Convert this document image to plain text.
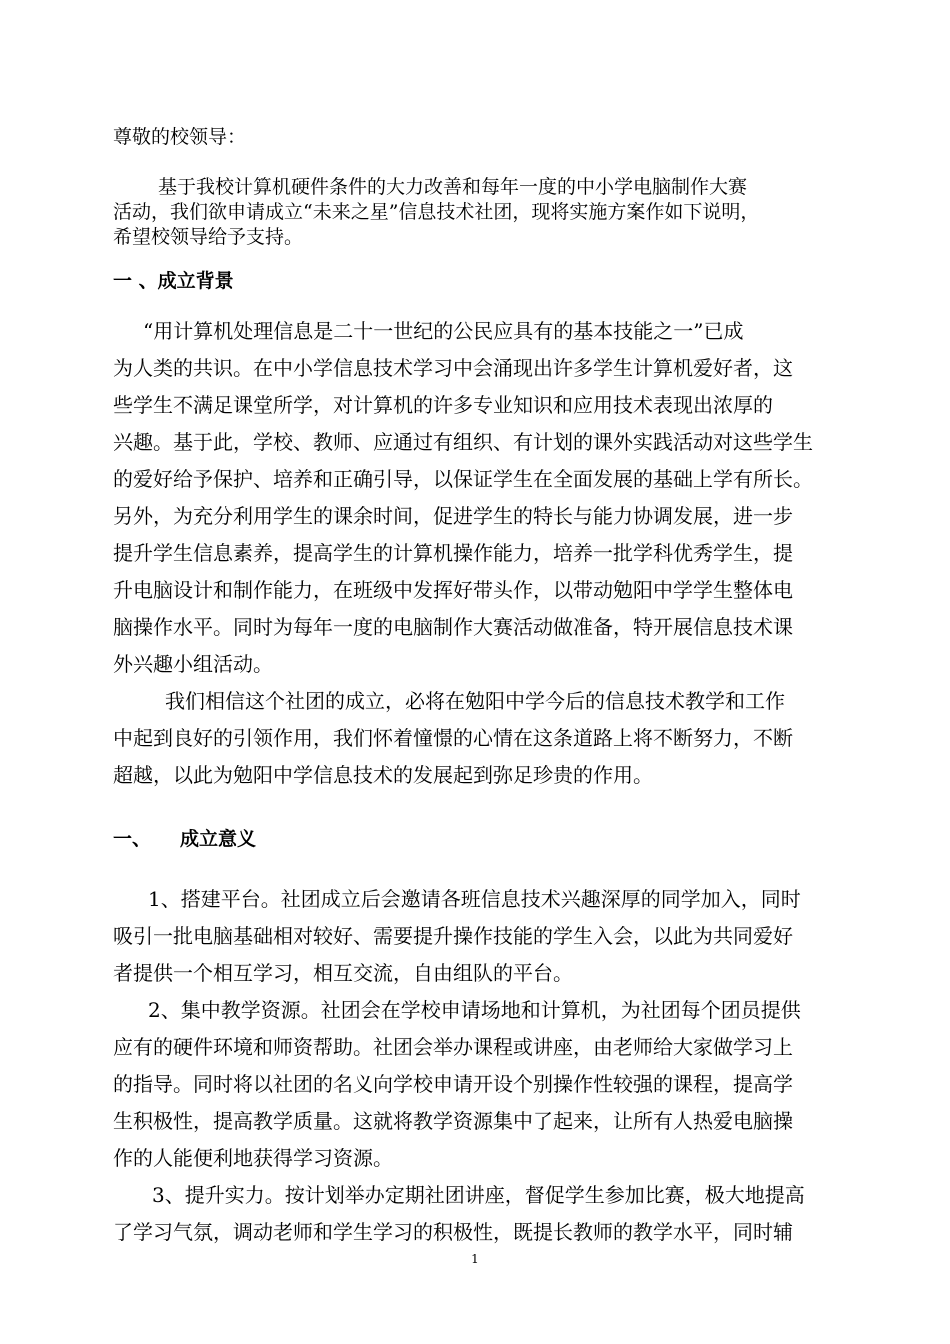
尊敬的校领导：
基于我校计算机硬件条件的大力改善和每年一度的中小学电脑制作大赛
活动，我们欲申请成立“未来之星”信息技术社团，现将实施方案作如下说明，
希望校领导给予支持。
一 、成立背景
“用计算机处理信息是二十一世纪的公民应具有的基本技能之一”已成
为人类的共识。在中小学信息技术学习中会涌现出许多学生计算机爱好者，这
些学生不满足课堂所学，对计算机的许多专业知识和应用技术表现出浓厚的
兴趣。基于此，学校、教师、应通过有组织、有计划的课外实践活动对这些学生
的爱好给予保护、培养和正确引导，以保证学生在全面发展的基础上学有所长。
另外，为充分利用学生的课余时间，促进学生的特长与能力协调发展，进一步
提升学生信息素养，提高学生的计算机操作能力，培养一批学科优秀学生，提
升电脑设计和制作能力，在班级中发挥好带头作，以带动勉阳中学学生整体电
脑操作水平。同时为每年一度的电脑制作大赛活动做准备，特开展信息技术课
外兴趣小组活动。
我们相信这个社团的成立，必将在勉阳中学今后的信息技术教学和工作
中起到良好的引领作用，我们怀着憧憬的心情在这条道路上将不断努力，不断
超越，以此为勉阳中学信息技术的发展起到弥足珍贵的作用。
一、 成立意义
1、搭建平台。社团成立后会邀请各班信息技术兴趣深厚的同学加入，同时
吸引一批电脑基础相对较好、需要提升操作技能的学生入会，以此为共同爱好
者提供一个相互学习，相互交流，自由组队的平台。
2、集中教学资源。社团会在学校申请场地和计算机，为社团每个团员提供
应有的硬件环境和师资帮助。社团会举办课程或讲座，由老师给大家做学习上
的指导。同时将以社团的名义向学校申请开设个别操作性较强的课程，提高学
生积极性，提高教学质量。这就将教学资源集中了起来，让所有人热爱电脑操
作的人能便利地获得学习资源。
3、提升实力。按计划举办定期社团讲座，督促学生参加比赛，极大地提高
了学习气氛，调动老师和学生学习的积极性，既提长教师的教学水平，同时辅
1
